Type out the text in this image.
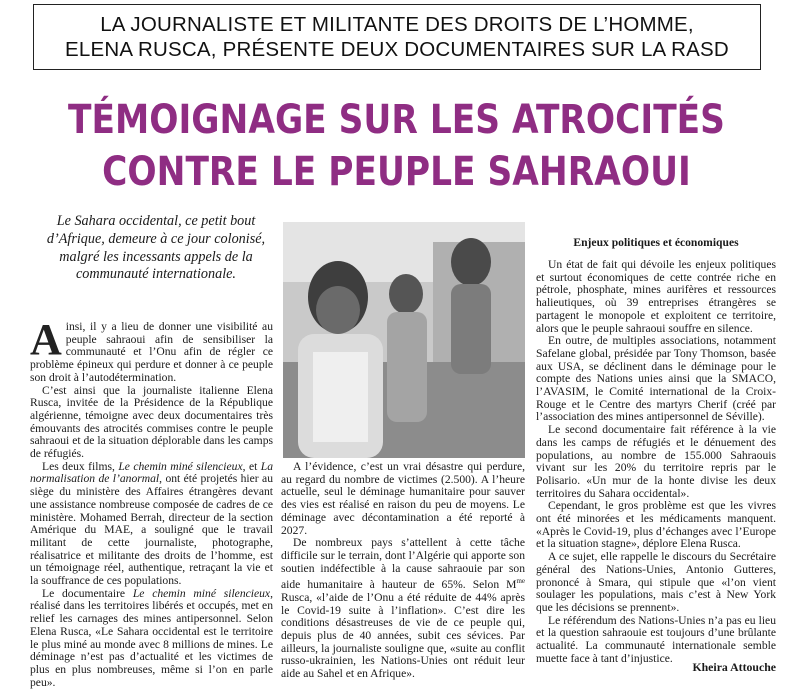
LA JOURNALISTE ET MILITANTE DES DROITS DE L’HOMME,
ELENA RUSCA, PRÉSENTE DEUX DOCUMENTAIRES SUR LA RASD
TÉMOIGNAGE SUR LES ATROCITÉS
CONTRE LE PEUPLE SAHRAOUI
Le Sahara occidental, ce petit bout d’Afrique, demeure à ce jour colonisé, malgré les incessants appels de la communauté internationale.

Ainsi, il y a lieu de donner une visibilité au peuple sahraoui afin de sensibiliser la communauté et l’Onu afin de régler ce problème épineux qui perdure et donner à ce peuple son droit à l’autodétermination.

C’est ainsi que la journaliste italienne Elena Rusca, invitée de la Présidence de la République algérienne, témoigne avec deux documentaires très émouvants des atrocités commises contre le peuple sahraoui et de la situation déplorable dans les camps de réfugiés.

Les deux films, Le chemin miné silencieux, et La normalisation de l’anormal, ont été projetés hier au siège du ministère des Affaires étrangères devant une assistance nombreuse composée de cadres de ce ministère. Mohamed Berrah, directeur de la section Amérique du MAE, a souligné que le travail militant de cette journaliste, photographe, réalisatrice et militante des droits de l’homme, est un témoignage réel, authentique, retraçant la vie et la souffrance de ces populations.

Le documentaire Le chemin miné silencieux, réalisé dans les territoires libérés et occupés, met en relief les carnages des mines antipersonnel. Selon Elena Rusca, «Le Sahara occidental est le territoire le plus miné au monde avec 8 millions de mines. Le déminage n’est pas d’actualité et les victimes de plus en plus nombreuses, même si l’on en parle peu».

A l’évidence, c’est un vrai désastre qui perdure, au regard du nombre de victimes (2.500). A l’heure actuelle, seul le déminage humanitaire pour sauver des vies est réalisé en raison du peu de moyens. Le déminage avec décontamination a été reporté à 2027.

De nombreux pays s’attellent à cette tâche difficile sur le terrain, dont l’Algérie qui apporte son soutien indéfectible à la cause sahraouie par son aide humanitaire à hauteur de 65%. Selon $M^{me}$ Rusca, «l’aide de l’Onu a été réduite de 44% après le Covid-19 suite à l’inflation». C’est dire les conditions désastreuses de vie de ce peuple qui, depuis plus de 40 années, subit ces sévices. Par ailleurs, la journaliste souligne que, «suite au conflit russo-ukrainien, les Nations-Unies ont réduit leur aide au Sahel et en Afrique».

Enjeux politiques et économiques

Un état de fait qui dévoile les enjeux politiques et surtout économiques de cette contrée riche en pétrole, phosphate, mines aurifères et ressources halieutiques, où 39 entreprises étrangères se partagent le monopole et exploitent ce territoire, alors que le peuple sahraoui souffre en silence.

En outre, de multiples associations, notamment Safelane global, présidée par Tony Thomson, basée aux USA, se déclinent dans le déminage pour le compte des Nations unies ainsi que la SMACO, l’AVASIM, le Comité international de la Croix-Rouge et le Centre des martyrs Cherif (créé par l’association des mines antipersonnel de Séville).

Le second documentaire fait référence à la vie dans les camps de réfugiés et le dénuement des populations, au nombre de 155.000 Sahraouis vivant sur les 20% du territoire repris par le Polisario. «Un mur de la honte divise les deux territoires du Sahara occidental».

Cependant, le gros problème est que les vivres ont été minorées et les médicaments manquent. «Après le Covid-19, plus d’échanges avec l’Europe et la situation stagne», déplore Elena Rusca.

A ce sujet, elle rappelle le discours du Secrétaire général des Nations-Unies, Antonio Gutteres, prononcé à Smara, qui stipule que «l’on vient soulager les populations, mais c’est à New York que les décisions se prennent».

Le référendum des Nations-Unies n’a pas eu lieu et la question sahraouie est toujours d’une brûlante actualité. La communauté internationale semble muette face à tant d’injustice.

Kheira Attouche
